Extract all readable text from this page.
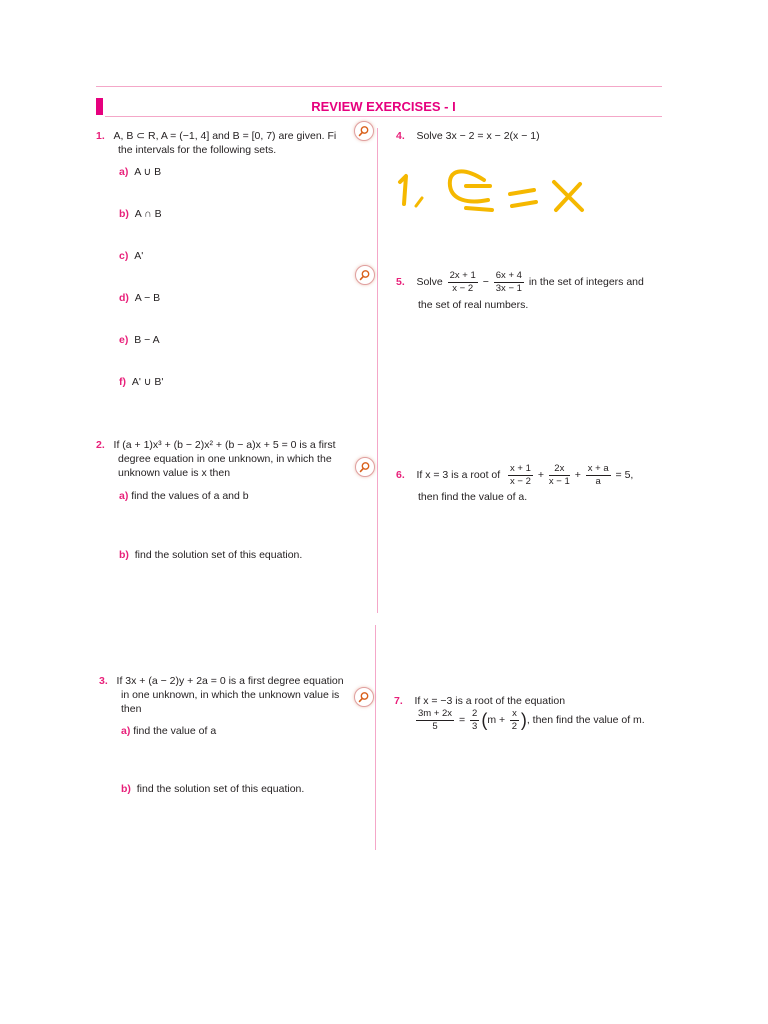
REVIEW EXERCISES - I
1. A, B ⊂ R, A = (−1, 4] and B = [0, 7) are given. Fi
the intervals for the following sets.
a) A ∪ B
b) A ∩ B
c) A'
d) A − B
e) B − A
f) A' ∪ B'
2. If (a + 1)x³ + (b − 2)x² + (b − a)x + 5 = 0 is a first
degree equation in one unknown, in which the
unknown value is x then
a) find the values of a and b
b) find the solution set of this equation.
3. If 3x + (a − 2)y + 2a = 0 is a first degree equation
in one unknown, in which the unknown value is
then
a) find the value of a
b) find the solution set of this equation.
4. Solve 3x − 2 = x − 2(x − 1)
5. Solve $\frac{2x + 1}{x - 2} - \frac{6x + 4}{3x - 1}$ in the set of integers and
the set of real numbers.
6. If x = 3 is a root of $\frac{x + 1}{x - 2} + \frac{2x}{x - 1} + \frac{x + a}{a} = 5$,
then find the value of a.
7. If x = −3 is a root of the equation
$\frac{3m + 2x}{5} = \frac{2}{3} (m + \frac{x}{2}$ ), then find the value of m.
